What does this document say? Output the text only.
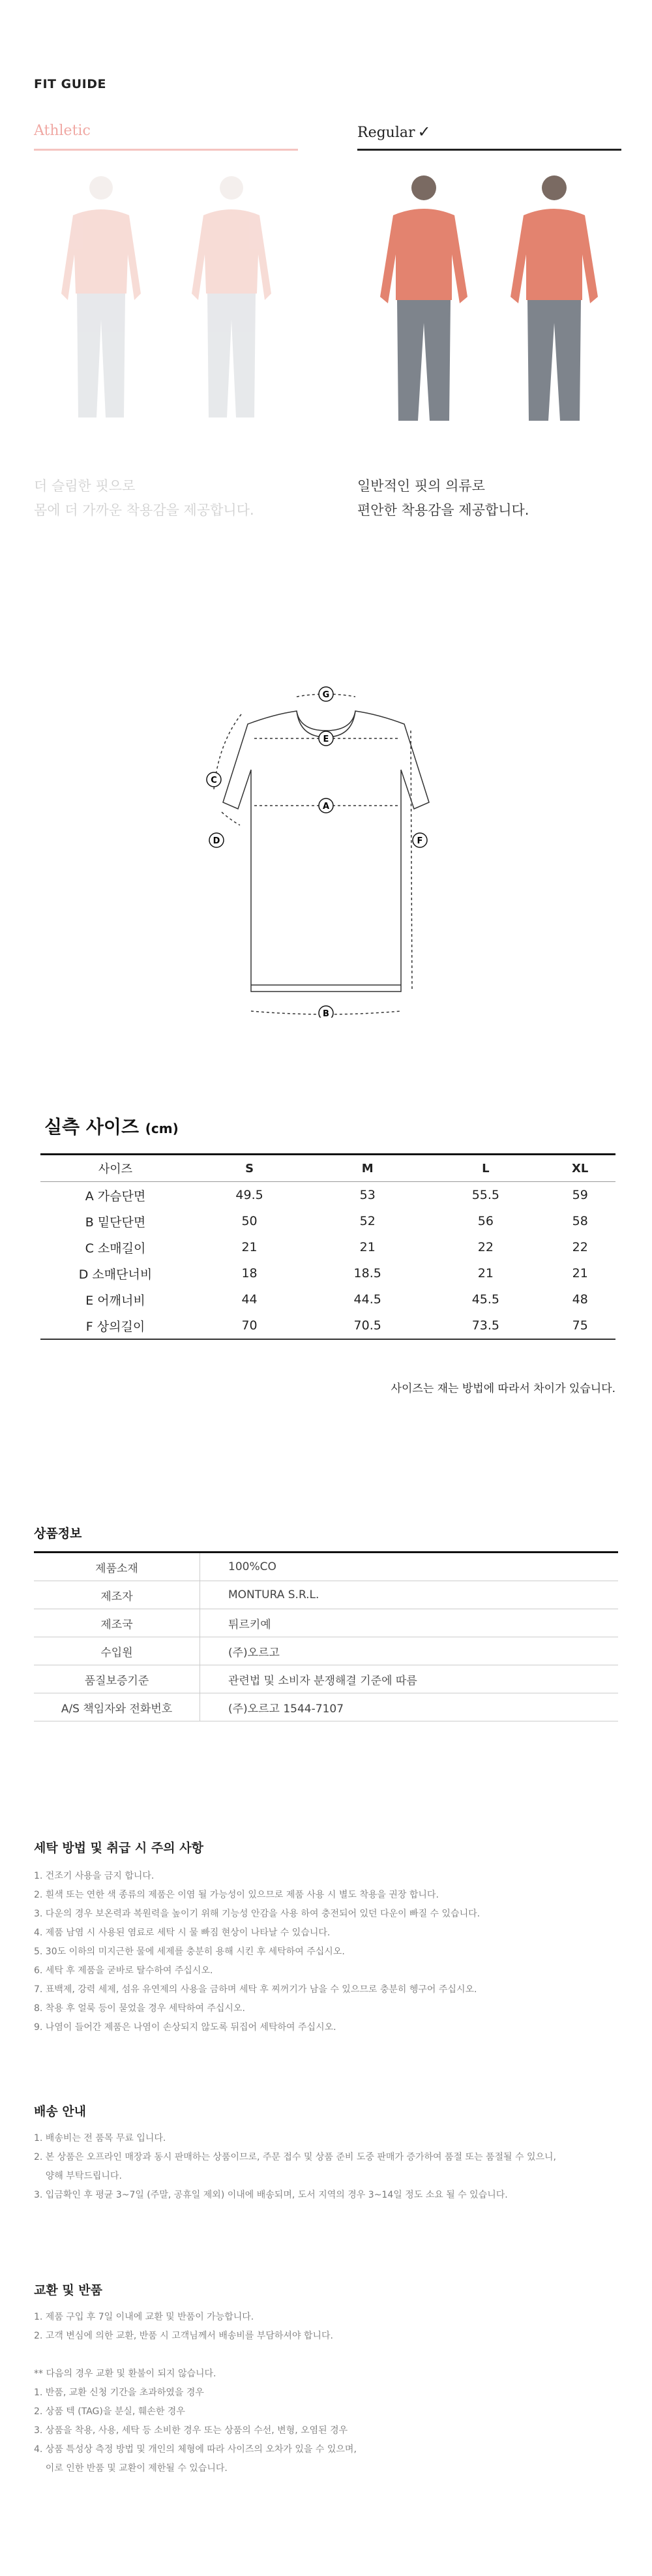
FIT GUIDE
Athletic	Regular ✓
더 슬림한 핏으로
몸에 더 가까운 착용감을 제공합니다.
일반적인 핏의 의류로
편안한 착용감을 제공합니다.
G
E
C
A
D	F
B
실측 사이즈 (cm)
사이즈	S	M	L	XL
A 가슴단면	49.5	53	55.5	59
B 밑단단면	50	52	56	58
C 소매길이	21	21	22	22
D 소매단너비	18	18.5	21	21
E 어깨너비	44	44.5	45.5	48
F 상의길이	70	70.5	73.5	75
사이즈는 재는 방법에 따라서 차이가 있습니다.
상품정보
제품소재	100%CO
제조자	MONTURA S.R.L.
제조국	튀르키예
수입원	(주)오르고
품질보증기준	관련법 및 소비자 분쟁해결 기준에 따름
A/S 책임자와 전화번호	(주)오르고 1544-7107
세탁 방법 및 취급 시 주의 사항
1. 건조기 사용을 금지 합니다.
2. 흰색 또는 연한 색 종류의 제품은 이염 될 가능성이 있으므로 제품 사용 시 별도 착용을 권장 합니다.
3. 다운의 경우 보온력과 복원력을 높이기 위해 기능성 안감을 사용 하여 충전되어 있던 다운이 빠질 수 있습니다.
4. 제품 남염 시 사용된 염료로 세탁 시 물 빠짐 현상이 나타날 수 있습니다.
5. 30도 이하의 미지근한 물에 세제를 충분히 용해 시킨 후 세탁하여 주십시오.
6. 세탁 후 제품을 굳바로 탈수하여 주십시오.
7. 표백제, 강력 세제, 섬유 유연제의 사용을 금하며 세탁 후 찌꺼기가 남을 수 있으므로 충분히 헹구어 주십시오.
8. 착용 후 얼룩 등이 묻었을 경우 세탁하여 주십시오.
9. 나염이 들어간 제품은 나염이 손상되지 않도록 뒤집어 세탁하여 주십시오.
배송 안내
1. 배송비는 전 품목 무료 입니다.
2. 본 상품은 오프라인 매장과 동시 판매하는 상품이므로, 주문 접수 및 상품 준비 도중 판매가 증가하여 품절 또는 품절될 수 있으니,
양해 부탁드립니다.
3. 입금확인 후 평균 3~7일 (주말, 공휴일 제외) 이내에 배송되며, 도서 지역의 경우 3~14일 정도 소요 될 수 있습니다.
교환 및 반품
1. 제품 구입 후 7일 이내에 교환 및 반품이 가능합니다.
2. 고객 변심에 의한 교환, 반품 시 고객님께서 배송비를 부담하셔야 합니다.
** 다음의 경우 교환 및 환불이 되지 않습니다.
1. 반품, 교환 신청 기간을 초과하였을 경우
2. 상품 텍 (TAG)을 분실, 훼손한 경우
3. 상품을 착용, 사용, 세탁 등 소비한 경우 또는 상품의 수선, 변형, 오염된 경우
4. 상품 특성상 측정 방법 및 개인의 체형에 따라 사이즈의 오차가 있을 수 있으며,
이로 인한 반품 및 교환이 제한될 수 있습니다.
